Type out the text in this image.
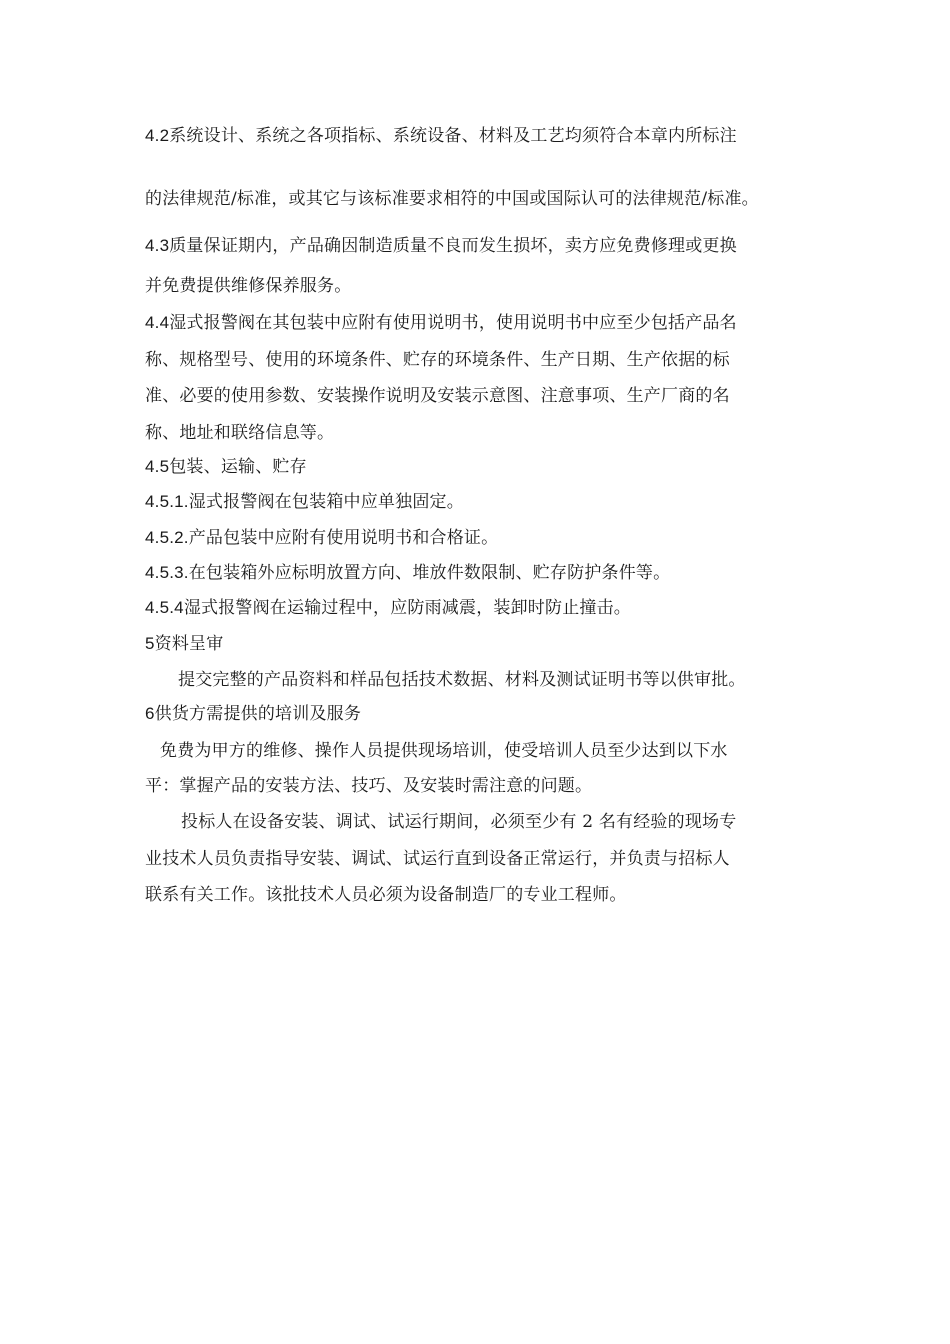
4.2系统设计、系统之各项指标、系统设备、材料及工艺均须符合本章内所标注
的法律规范/标准，或其它与该标准要求相符的中国或国际认可的法律规范/标准。
4.3质量保证期内，产品确因制造质量不良而发生损坏，卖方应免费修理或更换
并免费提供维修保养服务。
4.4湿式报警阀在其包装中应附有使用说明书，使用说明书中应至少包括产品名
称、规格型号、使用的环境条件、贮存的环境条件、生产日期、生产依据的标
准、必要的使用参数、安装操作说明及安装示意图、注意事项、生产厂商的名
称、地址和联络信息等。
4.5包装、运输、贮存
4.5.1.湿式报警阀在包装箱中应单独固定。
4.5.2.产品包装中应附有使用说明书和合格证。
4.5.3.在包装箱外应标明放置方向、堆放件数限制、贮存防护条件等。
4.5.4湿式报警阀在运输过程中，应防雨减震，装卸时防止撞击。
5资料呈审
提交完整的产品资料和样品包括技术数据、材料及测试证明书等以供审批。
6供货方需提供的培训及服务
免费为甲方的维修、操作人员提供现场培训，使受培训人员至少达到以下水
平：掌握产品的安装方法、技巧、及安装时需注意的问题。
投标人在设备安装、调试、试运行期间，必须至少有 2 名有经验的现场专
业技术人员负责指导安装、调试、试运行直到设备正常运行，并负责与招标人
联系有关工作。该批技术人员必须为设备制造厂的专业工程师。
